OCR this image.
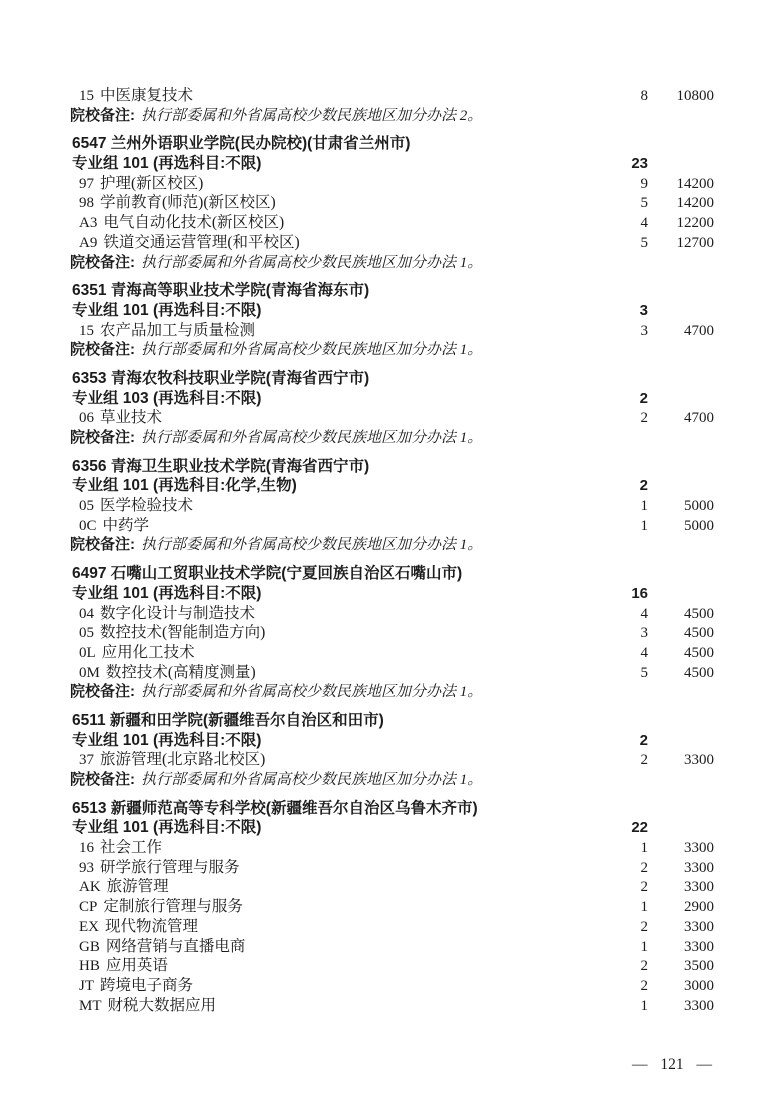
15 中医康复技术	8	10800
院校备注: 执行部委属和外省属高校少数民族地区加分办法 2。
6547 兰州外语职业学院(民办院校)(甘肃省兰州市)
专业组 101 (再选科目:不限)	23
97 护理(新区校区)	9	14200
98 学前教育(师范)(新区校区)	5	14200
A3 电气自动化技术(新区校区)	4	12200
A9 铁道交通运营管理(和平校区)	5	12700
院校备注: 执行部委属和外省属高校少数民族地区加分办法 1。
6351 青海高等职业技术学院(青海省海东市)
专业组 101 (再选科目:不限)	3
15 农产品加工与质量检测	3	4700
院校备注: 执行部委属和外省属高校少数民族地区加分办法 1。
6353 青海农牧科技职业学院(青海省西宁市)
专业组 103 (再选科目:不限)	2
06 草业技术	2	4700
院校备注: 执行部委属和外省属高校少数民族地区加分办法 1。
6356 青海卫生职业技术学院(青海省西宁市)
专业组 101 (再选科目:化学,生物)	2
05 医学检验技术	1	5000
0C 中药学	1	5000
院校备注: 执行部委属和外省属高校少数民族地区加分办法 1。
6497 石嘴山工贸职业技术学院(宁夏回族自治区石嘴山市)
专业组 101 (再选科目:不限)	16
04 数字化设计与制造技术	4	4500
05 数控技术(智能制造方向)	3	4500
0L 应用化工技术	4	4500
0M 数控技术(高精度测量)	5	4500
院校备注: 执行部委属和外省属高校少数民族地区加分办法 1。
6511 新疆和田学院(新疆维吾尔自治区和田市)
专业组 101 (再选科目:不限)	2
37 旅游管理(北京路北校区)	2	3300
院校备注: 执行部委属和外省属高校少数民族地区加分办法 1。
6513 新疆师范高等专科学校(新疆维吾尔自治区乌鲁木齐市)
专业组 101 (再选科目:不限)	22
16 社会工作	1	3300
93 研学旅行管理与服务	2	3300
AK 旅游管理	2	3300
CP 定制旅行管理与服务	1	2900
EX 现代物流管理	2	3300
GB 网络营销与直播电商	1	3300
HB 应用英语	2	3500
JT 跨境电子商务	2	3000
MT 财税大数据应用	1	3300
— 121 —
